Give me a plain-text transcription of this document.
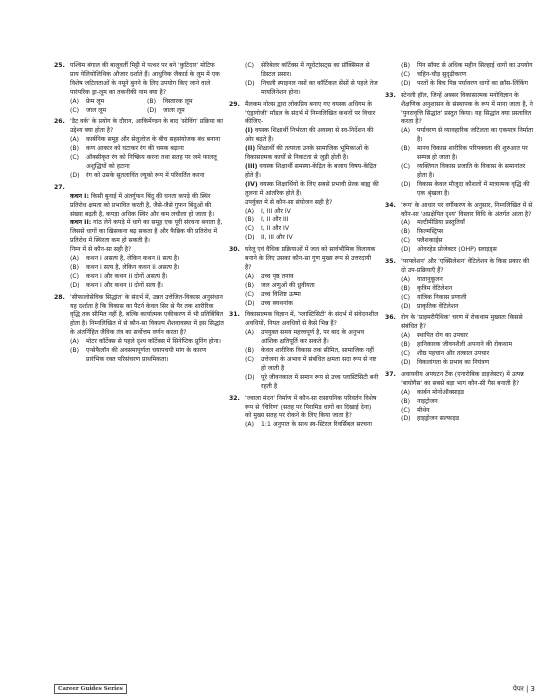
25. पश्चिम बंगाल की बालूवर्ती मिट्टी में पत्थर पर बने 'कुटिदार' मोटिफ प्राय पेलियोलिथिक औजार दर्शाते हैं। आधुनिक जैकार्ड के लूम में एक विशेष जटिलताओं के नमूने बुनने के लिए उपयोग किए जाने वाले पारंपरिक ड्रा-लूम का तकनीकी नाम क्या है?
(A)	फ्रेम लूम	(B)	विस्तारक लूम
(C)	जाल लूम	(D)	जाला लूम
26. 'डैट वर्क' के प्रयोग के दौरान, आकिर्मेण्डन के बाद 'सोविंग' प्रक्रिया का उद्देश्य क्या होता है?
(A)	कार्बनिक समूह और सेलुलोज के बीच सहसंयोजक बंध बनाना
(B)	कण आकार को घटाकर रंग की चमक बढ़ाना
(C)	ऑक्सीकृत रंग को निष्क्रिय करना तथा सतह पर जमे फालतू अशुद्धियों को हटाना
(D)	रंग को उसके सुतलाविंत ल्यूको रूप में परिवर्तित करना
27.
कथन I: किसी बुनाई में अंतर्गुफन बिंदु की घनता कपड़े की स्थिर प्रतिरोध क्षमता को प्रभावित करती है, जैसे-जैसे गुफन बिंदुओं की संख्या बढ़ती है, कपड़ा अधिक स्थिर और कम लचीला हो जाता है।
कथन II: गांठ लेने कपड़े में धागे का समूह एक पूरी संरचना बनाता है, जिससे धागों का खिसकना बढ़ सकता है और फैब्रिक की प्रतिरोध में प्रतिरोध में स्थिरता कम हो सकती है।
निम्न में से कौन-सा सही है?
(A)	कथन I असत्य है, लेकिन कथन II सत्य है।
(B)	कथन I सत्य है, लेकिन कथन II असत्य है।
(C)	कथन I और कथन II दोनों असत्य हैं।
(D)	कथन I और कथन II दोनों सत्य हैं।
28. 'सीफालोसेविक सिद्धांत' के संदर्भ में, उन्नत उत्तेजित-विकास अनुसंधान यह दर्शाता है कि विकास का पैटर्न केवल सिर से पैर तक शारीरिक वृद्धि तक सीमित नहीं है, बल्कि कार्यात्मक एकीकरण में भी प्रतिबिंबित होता है। निम्नलिखित में से कौन-सा विकल्प शैशवावस्था में इस सिद्धांत के अंतर्निहित जैविक तंत्र का सर्वोत्तम वर्णन करता है?
(A)	मोटर कॉर्टेक्स से पहले दृश्य कॉर्टेक्स में सिनेप्टिक प्रूनिंग होना।
(B)	एन्सेफैलॉन की अवसमापूर्णता चयापचयी मांग के कारण प्रारंभिक रक्त परिसंचरण प्राथमिकता।
(C)	सेरिबेलर कॉर्टेक्स में न्यूरोटांसट्स का प्रॉक्सिमल से डिस्टल प्रसार।
(D)	निचली स्पाइनल नसों का कॉर्टिकल सेंसों से पहले तेज मायलिनेशन होना।
29. मैलकम नोल्स द्वारा लोकप्रिय बनाए गए वयस्क अधिगम के 'एंड्रागोजी' मॉडल के संदर्भ में निम्नलिखित कथनों पर विचार कीजिए-
(I) वयस्क शिक्षार्थी निर्भरता की अवस्था से स्व-निर्देशन की ओर बढ़ते हैं।
(II) शिक्षार्थी की तत्परता उनके सामाजिक भूमिकाओं के विकासात्मक कार्यों से निकटता से जुड़ी होती है।
(III) वयस्क शिक्षार्थी समस्या-केंद्रित के बजाय विषय-केंद्रित होते हैं।
(IV) वयस्क शिक्षार्थियों के लिए सबसे प्रभावी प्रेरक बाह्य की तुलना में आंतरिक होते हैं।
उपर्युक्त में से कौन-सा संयोजन सही है?
(A)	I, III और IV
(B)	I, II और III
(C)	I, II और IV
(D)	II, III और IV
30. घरेलू एवं वैधिक प्रक्रियाओं में जल को सार्वभौमिक विलायक बनाने के लिए उसका कौन-सा गुण मुख्य रूप से उत्तरदायी है?
(A)	उच्च पृष्ठ तनाव
(B)	जल अणुओं की ध्रुवीयता
(C)	उच्च विशिष्ट ऊष्मा
(D)	उच्च क्वथनांक
31. विकासात्मक विज्ञान में, 'प्लास्टिसिटी' के संदर्भ में संवेदनशील अवधियों, नियत अवधियों से कैसे भिन्न हैं?
(A)	उपयुक्त समय महत्त्वपूर्ण है, पर बाद के अनुभव आंशिक क्षतिपूर्ति कर सकते हैं।
(B)	केवल शारीरिक विकास तक सीमित, सामाजिक नहीं
(C)	उत्तेजना के अभाव में संबंधित क्षमता सदा रूप से नष्ट हो जाती है
(D)	पूरे जीवनकाल में समान रूप से उच्च प्लास्टिसिटी बनी रहती है
32. 'ज्वाला मंदन' निर्माण में कौन-सा रासायनिक परिवर्तन विशेष रूप से 'चिरिण' (सतह पर पिरामिड धागों का दिखाई देना) को मुख्य सतह पर रोकने के लिए किया जाता है?
(A)	1:1 अनुपात के साथ स्व-स्टिरल रिवर्सिबल सरचना
(B)	पिन सॉफ्ट से अधिक महीन सिल्हाई धागों का उपयोग
(C)	चहिन-चौड़ सुदृढ़ीकरण
(D)	परतों के बिच पिन्न पर्यावरण धागों का क्रॉस-लिंकिंग
33. स्टेनली हॉल, जिन्हें अक्सर विकासात्मक मनोविज्ञान के शैक्षणिक अनुशासन के संस्थापक के रूप में माना जाता है, ने 'पुनरावृत्ति सिद्धांत' प्रस्तुत किया। यह सिद्धांत क्या प्रस्तावित करता है?
(A)	पर्यावरण से व्यावहारिक जटिलता का एकमात्र निर्माता है।
(B)	मानव विकास शारीरिक परिपक्वता की शुरुआत पर सम्पन्न हो जाता है।
(C)	व्यक्तिगत विकास प्रजाति के विकास के समानांतर होता है।
(D)	विकास केवल मौजूदा कौशलों में मात्रात्मक वृद्धि की एक श्रृंखला है।
34. 'रूप' के आधार पर वर्गीकरण के अनुसार, निम्नलिखित में से कौन-सा 'अप्रक्षेपित दृश्य' विस्तार विधि के अंतर्गत आता है?
(A)	मल्टीमीडिया प्रस्तुतियाँ
(B)	फ़िल्मस्ट्रिप्स
(C)	फ्लैशकार्ड्स
(D)	ओवरहेड प्रोजेक्टर (OHP) स्लाइड्स
35. 'परफ्लेशन' और 'एक्सिलेशन' वेंटिलेशन के किस प्रकार की दो उप-प्रक्रियाएँ हैं?
(A)	वातानुकूलन
(B)	कृत्रिम वेंटिलेशन
(C)	यांत्रिक निकास प्रणाली
(D)	प्राकृतिक वेंटिलेशन
36. रोग के 'प्राइमरीपैथिक' चरण में रोकथाम मुख्यतः किससे संबंधित है?
(A)	स्थापित रोग का उपचार
(B)	हानिकारक जीवनशैली अपनाने की रोकथाम
(C)	शीघ्र पहचान और तत्काल उपचार
(D)	विकलांगता के प्रभाव का नियंत्रण
37. अवायवीय अपघटन टैंक (एनारोबिक डाइजेस्टर) में उत्पन्न 'बायोगैस' का सबसे बड़ा भाग कौन-सी गैस बनाती है?
(A)	कार्बन मोनोऑक्साइड
(B)	नाइट्रोजन
(C)	मीथेन
(D)	हाइड्रोजन सल्फाइड
Career Guides Series	पेपर | 3
